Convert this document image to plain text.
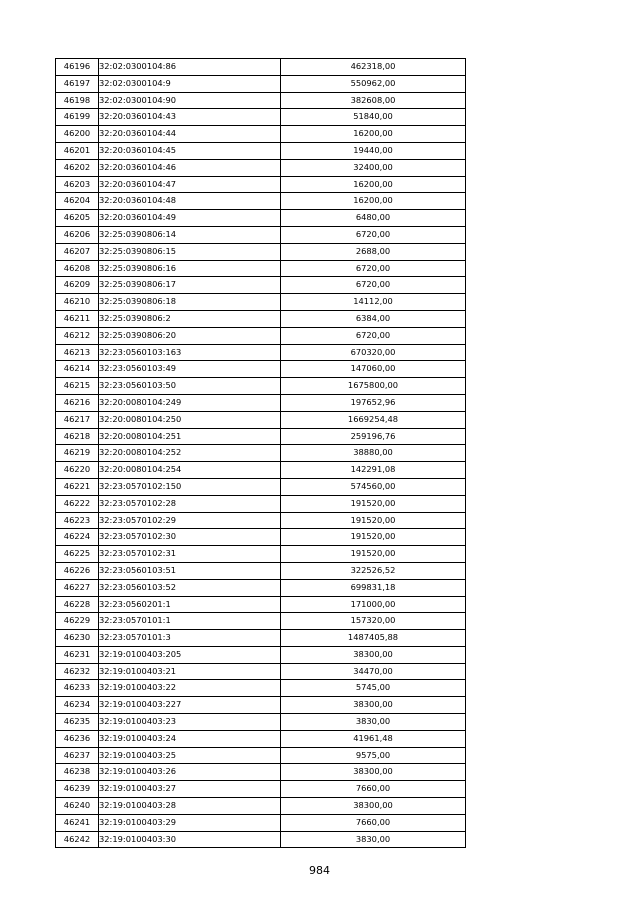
46196	32:02:0300104:86	462318,00
46197	32:02:0300104:9	550962,00
46198	32:02:0300104:90	382608,00
46199	32:20:0360104:43	51840,00
46200	32:20:0360104:44	16200,00
46201	32:20:0360104:45	19440,00
46202	32:20:0360104:46	32400,00
46203	32:20:0360104:47	16200,00
46204	32:20:0360104:48	16200,00
46205	32:20:0360104:49	6480,00
46206	32:25:0390806:14	6720,00
46207	32:25:0390806:15	2688,00
46208	32:25:0390806:16	6720,00
46209	32:25:0390806:17	6720,00
46210	32:25:0390806:18	14112,00
46211	32:25:0390806:2	6384,00
46212	32:25:0390806:20	6720,00
46213	32:23:0560103:163	670320,00
46214	32:23:0560103:49	147060,00
46215	32:23:0560103:50	1675800,00
46216	32:20:0080104:249	197652,96
46217	32:20:0080104:250	1669254,48
46218	32:20:0080104:251	259196,76
46219	32:20:0080104:252	38880,00
46220	32:20:0080104:254	142291,08
46221	32:23:0570102:150	574560,00
46222	32:23:0570102:28	191520,00
46223	32:23:0570102:29	191520,00
46224	32:23:0570102:30	191520,00
46225	32:23:0570102:31	191520,00
46226	32:23:0560103:51	322526,52
46227	32:23:0560103:52	699831,18
46228	32:23:0560201:1	171000,00
46229	32:23:0570101:1	157320,00
46230	32:23:0570101:3	1487405,88
46231	32:19:0100403:205	38300,00
46232	32:19:0100403:21	34470,00
46233	32:19:0100403:22	5745,00
46234	32:19:0100403:227	38300,00
46235	32:19:0100403:23	3830,00
46236	32:19:0100403:24	41961,48
46237	32:19:0100403:25	9575,00
46238	32:19:0100403:26	38300,00
46239	32:19:0100403:27	7660,00
46240	32:19:0100403:28	38300,00
46241	32:19:0100403:29	7660,00
46242	32:19:0100403:30	3830,00
984
